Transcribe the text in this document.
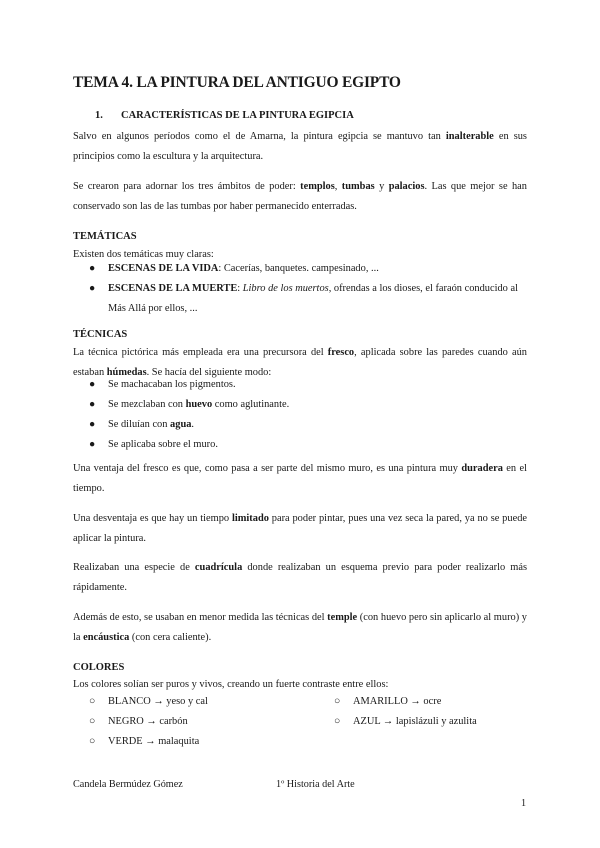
TEMA 4. LA PINTURA DEL ANTIGUO EGIPTO
1. CARACTERÍSTICAS DE LA PINTURA EGIPCIA

Salvo en algunos períodos como el de Amarna, la pintura egipcia se mantuvo tan inalterable en sus principios como la escultura y la arquitectura.

Se crearon para adornar los tres ámbitos de poder: templos, tumbas y palacios. Las que mejor se han conservado son las de las tumbas por haber permanecido enterradas.

TEMÁTICAS
Existen dos temáticas muy claras:
● ESCENAS DE LA VIDA: Cacerías, banquetes. campesinado, ...
● ESCENAS DE LA MUERTE: Libro de los muertos, ofrendas a los dioses, el faraón conducido al Más Allá por ellos, ...
TÉCNICAS

La técnica pictórica más empleada era una precursora del fresco, aplicada sobre las paredes cuando aún estaban húmedas. Se hacía del siguiente modo:

● Se machacaban los pigmentos.
● Se mezclaban con huevo como aglutinante.
● Se diluían con agua.
● Se aplicaba sobre el muro.

Una ventaja del fresco es que, como pasa a ser parte del mismo muro, es una pintura muy duradera en el tiempo.

Una desventaja es que hay un tiempo limitado para poder pintar, pues una vez seca la pared, ya no se puede aplicar la pintura.

Realizaban una especie de cuadrícula donde realizaban un esquema previo para poder realizarlo más rápidamente.

Además de esto, se usaban en menor medida las técnicas del temple (con huevo pero sin aplicarlo al muro) y la encáustica (con cera caliente).

COLORES
Los colores solían ser puros y vivos, creando un fuerte contraste entre ellos:
○ BLANCO → yeso y cal
○ NEGRO → carbón
○ VERDE → malaquita
○ AMARILLO → ocre
○ AZUL → lapislázuli y azulita
Candela Bermúdez Gómez	1º Historia del Arte
1
